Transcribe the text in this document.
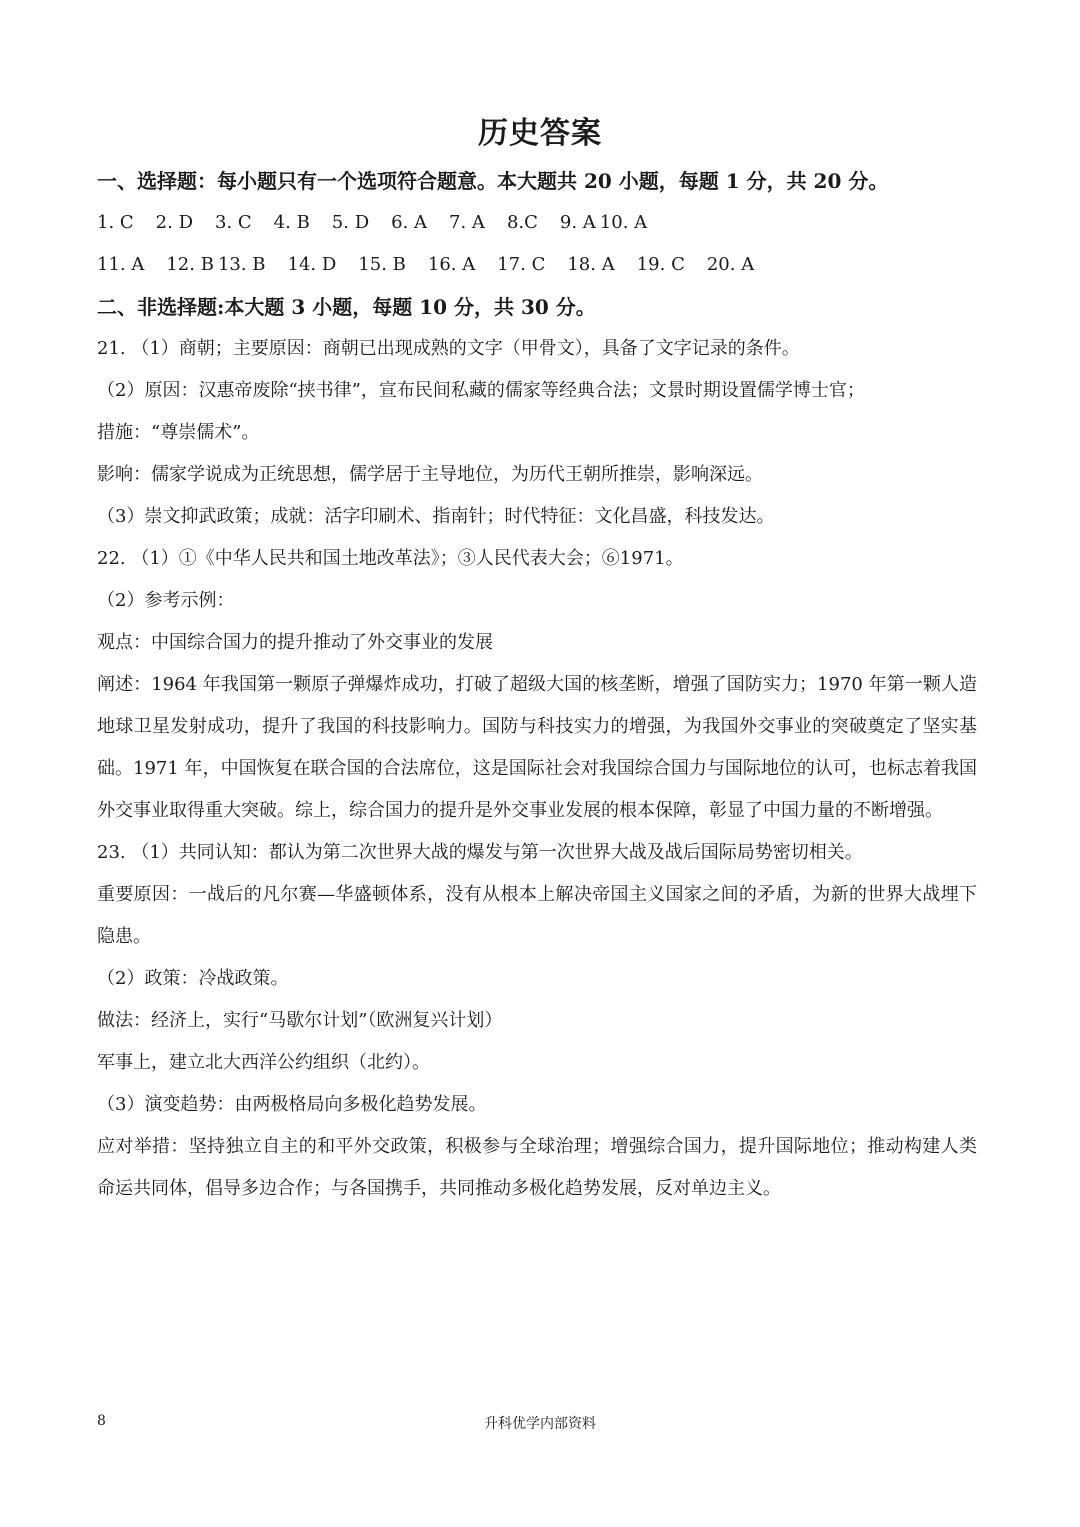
历史答案
一、选择题：每小题只有一个选项符合题意。本大题共 20 小题，每题 1 分，共 20 分。
1. C 2. D 3. C 4. B 5. D 6. A 7. A 8.C 9. A 10. A
11. A 12. B 13. B 14. D 15. B 16. A 17. C 18. A 19. C 20. A
二、非选择题:本大题 3 小题，每题 10 分，共 30 分。
21. （1）商朝；主要原因：商朝已出现成熟的文字（甲骨文），具备了文字记录的条件。
（2）原因：汉惠帝废除“挟书律”，宣布民间私藏的儒家等经典合法；文景时期设置儒学博士官；
措施：“尊崇儒术”。
影响：儒家学说成为正统思想，儒学居于主导地位，为历代王朝所推崇，影响深远。
（3）崇文抑武政策；成就：活字印刷术、指南针；时代特征：文化昌盛，科技发达。
22. （1）①《中华人民共和国土地改革法》；③人民代表大会；⑥1971。
（2）参考示例：
观点：中国综合国力的提升推动了外交事业的发展
阐述：1964 年我国第一颗原子弹爆炸成功，打破了超级大国的核垄断，增强了国防实力；1970 年第一颗人造地球卫星发射成功，提升了我国的科技影响力。国防与科技实力的增强，为我国外交事业的突破奠定了坚实基础。1971 年，中国恢复在联合国的合法席位，这是国际社会对我国综合国力与国际地位的认可，也标志着我国外交事业取得重大突破。综上，综合国力的提升是外交事业发展的根本保障，彰显了中国力量的不断增强。
23. （1）共同认知：都认为第二次世界大战的爆发与第一次世界大战及战后国际局势密切相关。
重要原因：一战后的凡尔赛—华盛顿体系，没有从根本上解决帝国主义国家之间的矛盾，为新的世界大战埋下隐患。
（2）政策：冷战政策。
做法：经济上，实行“马歇尔计划”（欧洲复兴计划）
军事上，建立北大西洋公约组织（北约）。
（3）演变趋势：由两极格局向多极化趋势发展。
应对举措：坚持独立自主的和平外交政策，积极参与全球治理；增强综合国力，提升国际地位；推动构建人类命运共同体，倡导多边合作；与各国携手，共同推动多极化趋势发展，反对单边主义。
8	升科优学内部资料
